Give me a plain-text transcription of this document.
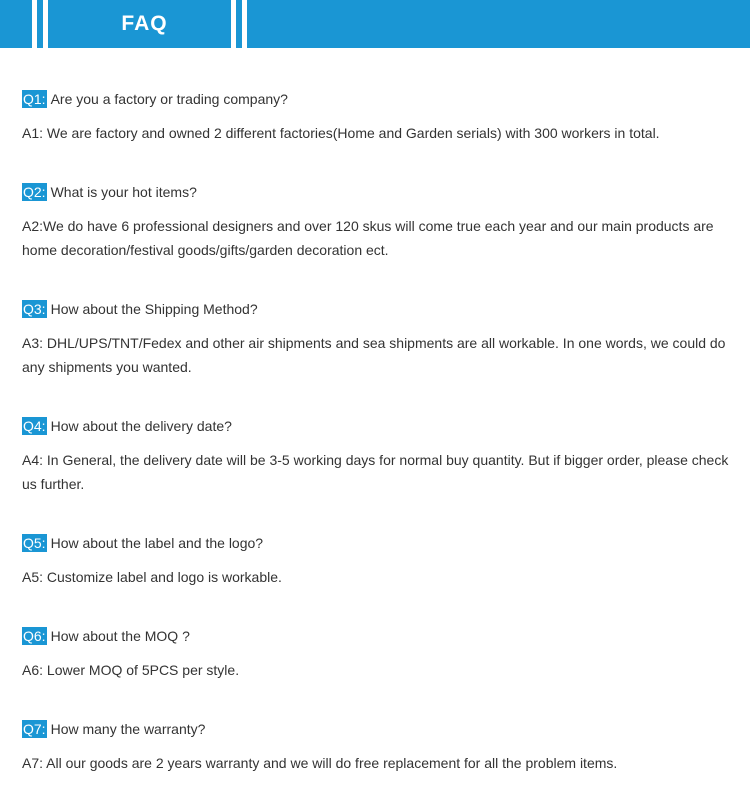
FAQ
Q1: Are you a factory or trading company?
A1: We are factory and owned 2 different factories(Home and Garden serials) with 300 workers in total.
Q2: What is your hot items?
A2:We do have 6 professional designers and over 120 skus will come true each year and our main products are home decoration/festival goods/gifts/garden decoration ect.
Q3: How about the Shipping Method?
A3: DHL/UPS/TNT/Fedex and other air shipments and sea shipments are all workable. In one words, we could do any shipments you wanted.
Q4: How about the delivery date?
A4: In General, the delivery date will be 3-5 working days for normal buy quantity. But if bigger order, please check us further.
Q5: How about the label and the logo?
A5: Customize label and logo is workable.
Q6: How about the MOQ ?
A6: Lower MOQ of 5PCS per style.
Q7: How many the warranty?
A7: All our goods are 2 years warranty and we will do free replacement for all the problem items.
